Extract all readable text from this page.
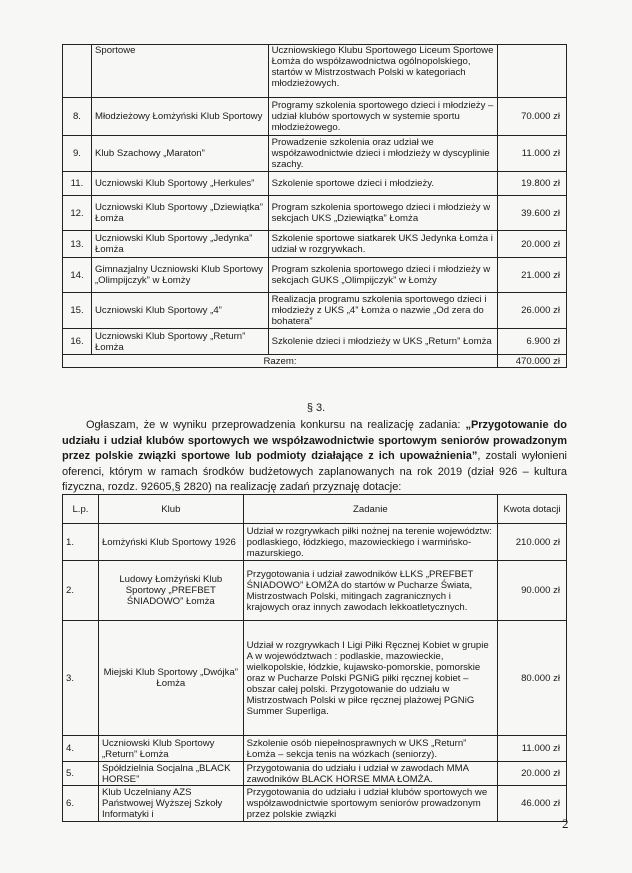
	Sportowe	Uczniowskiego Klubu Sportowego Liceum Sportowe Łomża do współzawodnictwa ogólnopolskiego, startów w Mistrzostwach Polski w kategoriach młodzieżowych.	
8.	Młodzieżowy Łomżyński Klub Sportowy	Programy szkolenia sportowego dzieci i młodzieży – udział klubów sportowych w systemie sportu młodzieżowego.	70.000 zł
9.	Klub Szachowy „Maraton”	Prowadzenie szkolenia oraz udział we współzawodnictwie dzieci i młodzieży w dyscyplinie szachy.	11.000 zł
11.	Uczniowski Klub Sportowy „Herkules”	Szkolenie sportowe dzieci i młodzieży.	19.800 zł
12.	Uczniowski Klub Sportowy „Dziewiątka” Łomża	Program szkolenia sportowego dzieci i młodzieży w sekcjach UKS „Dziewiątka” Łomża	39.600 zł
13.	Uczniowski Klub Sportowy „Jedynka” Łomża	Szkolenie sportowe siatkarek UKS Jedynka Łomża i udział w rozgrywkach.	20.000 zł
14.	Gimnazjalny Uczniowski Klub Sportowy „Olimpijczyk” w Łomży	Program szkolenia sportowego dzieci i młodzieży w sekcjach GUKS „Olimpijczyk” w Łomży	21.000 zł
15.	Uczniowski Klub Sportowy „4”	Realizacja programu szkolenia sportowego dzieci i młodzieży z UKS „4” Łomża o nazwie „Od zera do bohatera”	26.000 zł
16.	Uczniowski Klub Sportowy „Return” Łomża	Szkolenie dzieci i młodzieży w UKS „Return” Łomża	6.900 zł
Razem:			470.000 zł
§ 3.
Ogłaszam, że w wyniku przeprowadzenia konkursu na realizację zadania: „Przygotowanie do udziału i udział klubów sportowych we współzawodnictwie sportowym seniorów prowadzonym przez polskie związki sportowe lub podmioty działające z ich upoważnienia”, zostali wyłonieni oferenci, którym w ramach środków budżetowych zaplanowanych na rok 2019 (dział 926 – kultura fizyczna, rozdz. 92605,§ 2820) na realizację zadań przyznaję dotacje:
L.p.	Klub	Zadanie	Kwota dotacji
1.	Łomżyński Klub Sportowy 1926	Udział w rozgrywkach piłki nożnej na terenie województw: podlaskiego, łódzkiego, mazowieckiego i warmińsko-mazurskiego.	210.000 zł
2.	Ludowy Łomżyński Klub Sportowy „PREFBET ŚNIADOWO” Łomża	Przygotowania i udział zawodników ŁLKS „PREFBET ŚNIADOWO” ŁOMŻA do startów w Pucharze Świata, Mistrzostwach Polski, mitingach zagranicznych i krajowych oraz innych zawodach lekkoatletycznych.	90.000 zł
3.	Miejski Klub Sportowy „Dwójka” Łomża	Udział w rozgrywkach I Ligi Piłki Ręcznej Kobiet w grupie A w województwach : podlaskie, mazowieckie, wielkopolskie, łódzkie, kujawsko-pomorskie, pomorskie oraz w Pucharze Polski PGNiG piłki ręcznej kobiet – obszar całej polski. Przygotowanie do udziału w Mistrzostwach Polski w piłce ręcznej plażowej PGNiG Summer Superliga.	80.000 zł
4.	Uczniowski Klub Sportowy „Return” Łomża	Szkolenie osób niepełnosprawnych w UKS „Return” Łomża – sekcja tenis na wózkach (seniorzy).	11.000 zł
5.	Spółdzielnia Socjalna „BLACK HORSE”	Przygotowania do udziału i udział w zawodach MMA zawodników BLACK HORSE MMA ŁOMŻA.	20.000 zł
6.	Klub Uczelniany AZS Państwowej Wyższej Szkoły Informatyki i	Przygotowania do udziału i udział klubów sportowych we współzawodnictwie sportowym seniorów prowadzonym przez polskie związki	46.000 zł
2
